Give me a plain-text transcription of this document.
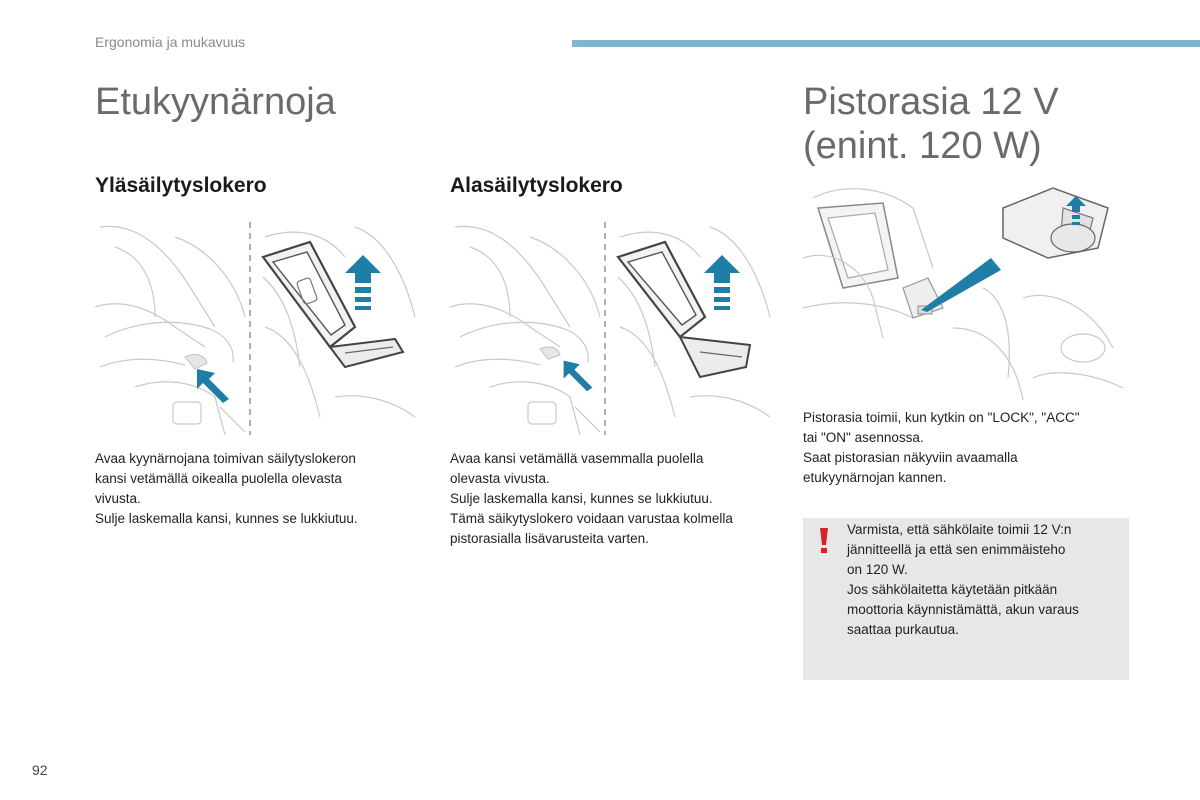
Ergonomia ja mukavuus
Etukyynärnoja	Pistorasia 12 V
(enint. 120 W)
Yläsäilytyslokero	Alasäilytyslokero
Avaa kyynärnojana toimivan säilytyslokeron
kansi vetämällä oikealla puolella olevasta
vivusta.
Sulje laskemalla kansi, kunnes se lukkiutuu.
Avaa kansi vetämällä vasemmalla puolella
olevasta vivusta.
Sulje laskemalla kansi, kunnes se lukkiutuu.
Tämä säikytyslokero voidaan varustaa kolmella
pistorasialla lisävarusteita varten.
Pistorasia toimii, kun kytkin on "LOCK", "ACC"
tai "ON" asennossa.
Saat pistorasian näkyviin avaamalla
etukyynärnojan kannen.
Varmista, että sähkölaite toimii 12 V:n
jännitteellä ja että sen enimmäisteho
on 120 W.
Jos sähkölaitetta käytetään pitkään
moottoria käynnistämättä, akun varaus
saattaa purkautua.
92
